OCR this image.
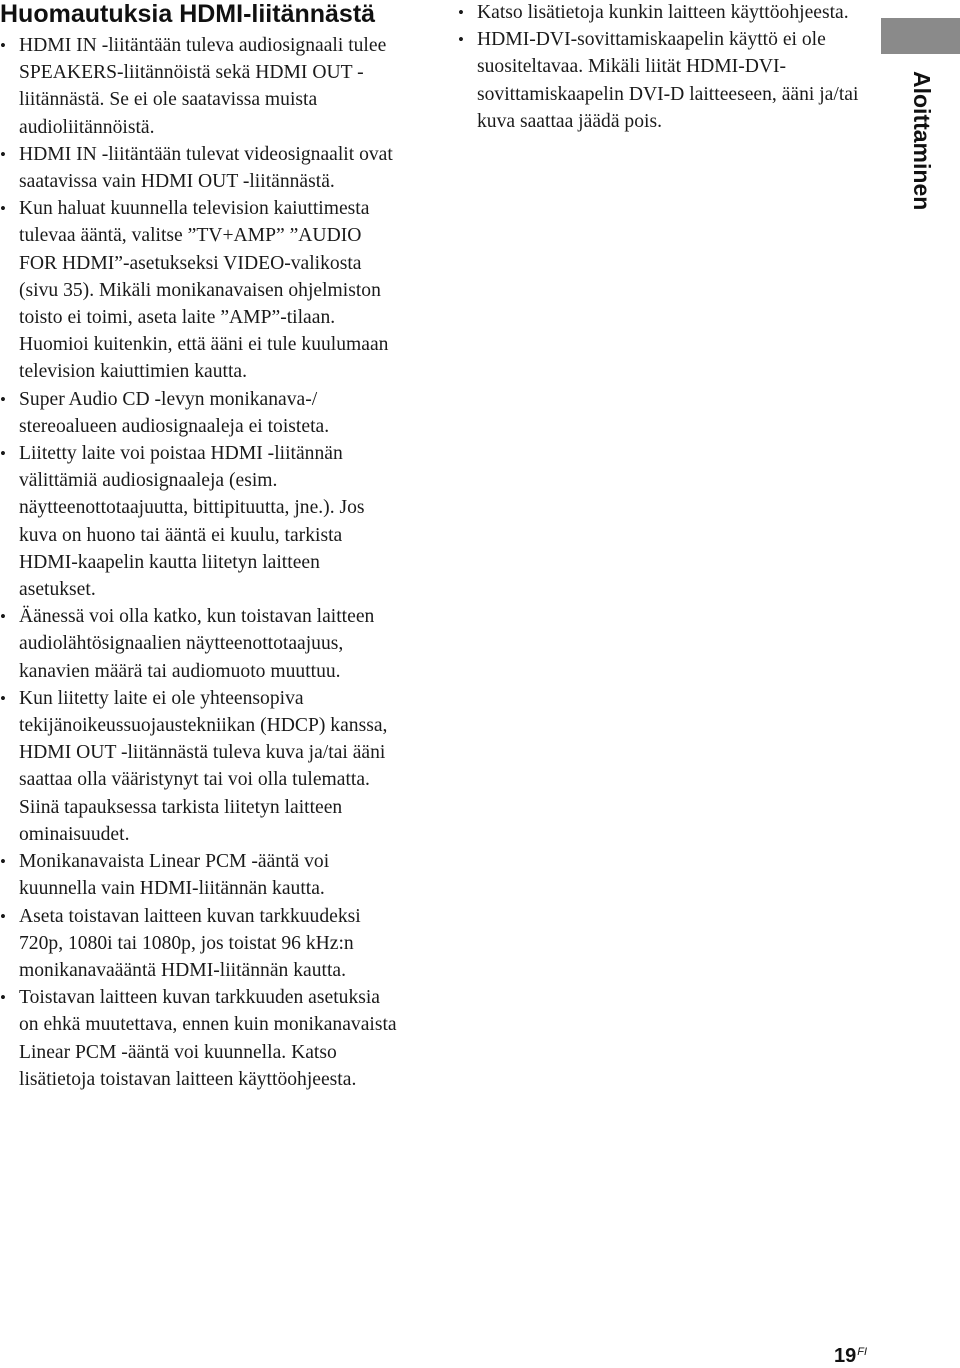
Huomautuksia HDMI-liitännästä
• HDMI IN -liitäntään tuleva audiosignaali tulee SPEAKERS-liitännöistä sekä HDMI OUT -liitännästä. Se ei ole saatavissa muista audioliitännöistä.
• HDMI IN -liitäntään tulevat videosignaalit ovat saatavissa vain HDMI OUT -liitännästä.
• Kun haluat kuunnella television kaiuttimesta tulevaa ääntä, valitse ”TV+AMP” ”AUDIO FOR HDMI”-asetukseksi VIDEO-valikosta (sivu 35). Mikäli monikanavaisen ohjelmiston toisto ei toimi, aseta laite ”AMP”-tilaan. Huomioi kuitenkin, että ääni ei tule kuulumaan television kaiuttimien kautta.
• Super Audio CD -levyn monikanava-/ stereoalueen audiosignaaleja ei toisteta.
• Liitetty laite voi poistaa HDMI -liitännän välittämiä audiosignaaleja (esim. näytteenottotaajuutta, bittipituutta, jne.). Jos kuva on huono tai ääntä ei kuulu, tarkista HDMI-kaapelin kautta liitetyn laitteen asetukset.
• Äänessä voi olla katko, kun toistavan laitteen audiolähtösignaalien näytteenottotaajuus, kanavien määrä tai audiomuoto muuttuu.
• Kun liitetty laite ei ole yhteensopiva tekijänoikeussuojaustekniikan (HDCP) kanssa, HDMI OUT -liitännästä tuleva kuva ja/tai ääni saattaa olla vääristynyt tai voi olla tulematta.
Siinä tapauksessa tarkista liitetyn laitteen ominaisuudet.
• Monikanavaista Linear PCM -ääntä voi kuunnella vain HDMI-liitännän kautta.
• Aseta toistavan laitteen kuvan tarkkuudeksi 720p, 1080i tai 1080p, jos toistat 96 kHz:n monikanavaääntä HDMI-liitännän kautta.
• Toistavan laitteen kuvan tarkkuuden asetuksia on ehkä muutettava, ennen kuin monikanavaista Linear PCM -ääntä voi kuunnella. Katso lisätietoja toistavan laitteen käyttöohjeesta.
• Katso lisätietoja kunkin laitteen käyttöohjeesta.
• HDMI-DVI-sovittamiskaapelin käyttö ei ole suositeltavaa. Mikäli liität HDMI-DVI-sovittamiskaapelin DVI-D laitteeseen, ääni ja/tai kuva saattaa jäädä pois.	Aloittaminen
$19^{FI}$
